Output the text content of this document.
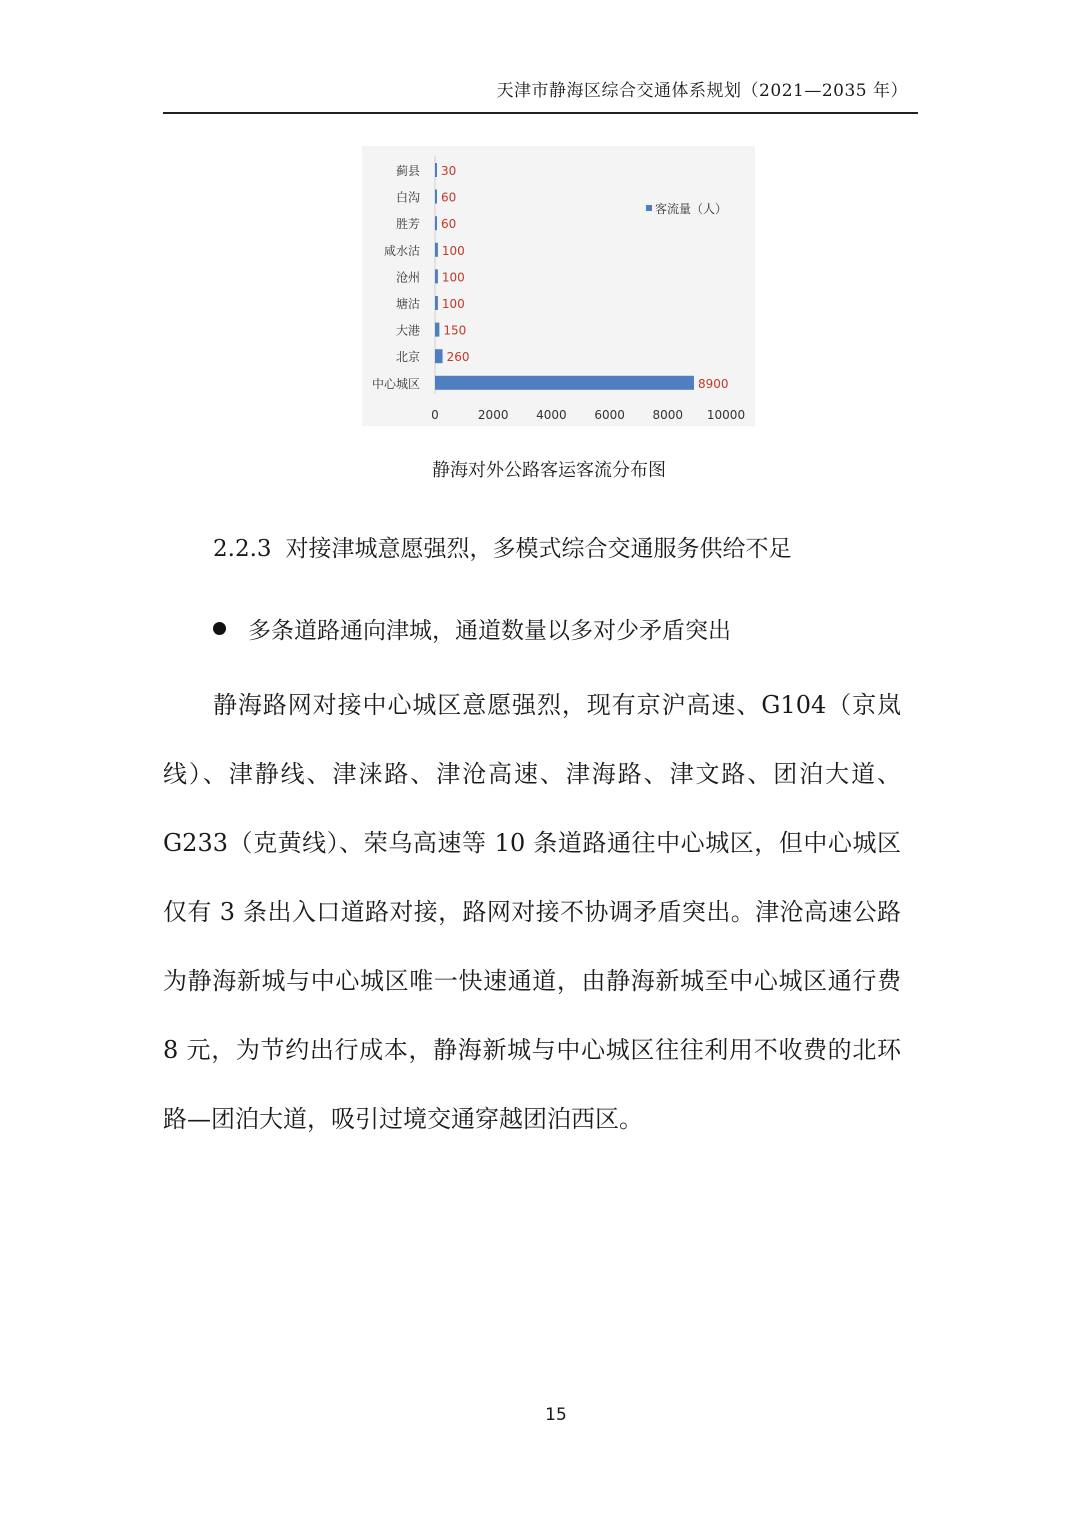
天津市静海区综合交通体系规划（2021—2035 年）
蓟县 30
白沟 60
胜芳 60
咸水沽 100
沧州 100
塘沽 100
大港 150
北京 260
中心城区	8900
0	2000 4000 6000 8000 10000
客流量（人）
静海对外公路客运客流分布图
2.2.3 对接津城意愿强烈，多模式综合交通服务供给不足
多条道路通向津城，通道数量以多对少矛盾突出

静海路网对接中心城区意愿强烈，现有京沪高速、G104（京岚线）、津静线、津涞路、津沧高速、津海路、津文路、团泊大道、G233（克黄线）、荣乌高速等 10 条道路通往中心城区，但中心城区仅有 3 条出入口道路对接，路网对接不协调矛盾突出。津沧高速公路为静海新城与中心城区唯一快速通道，由静海新城至中心城区通行费 8 元，为节约出行成本，静海新城与中心城区往往利用不收费的北环路—团泊大道，吸引过境交通穿越团泊西区。

15
